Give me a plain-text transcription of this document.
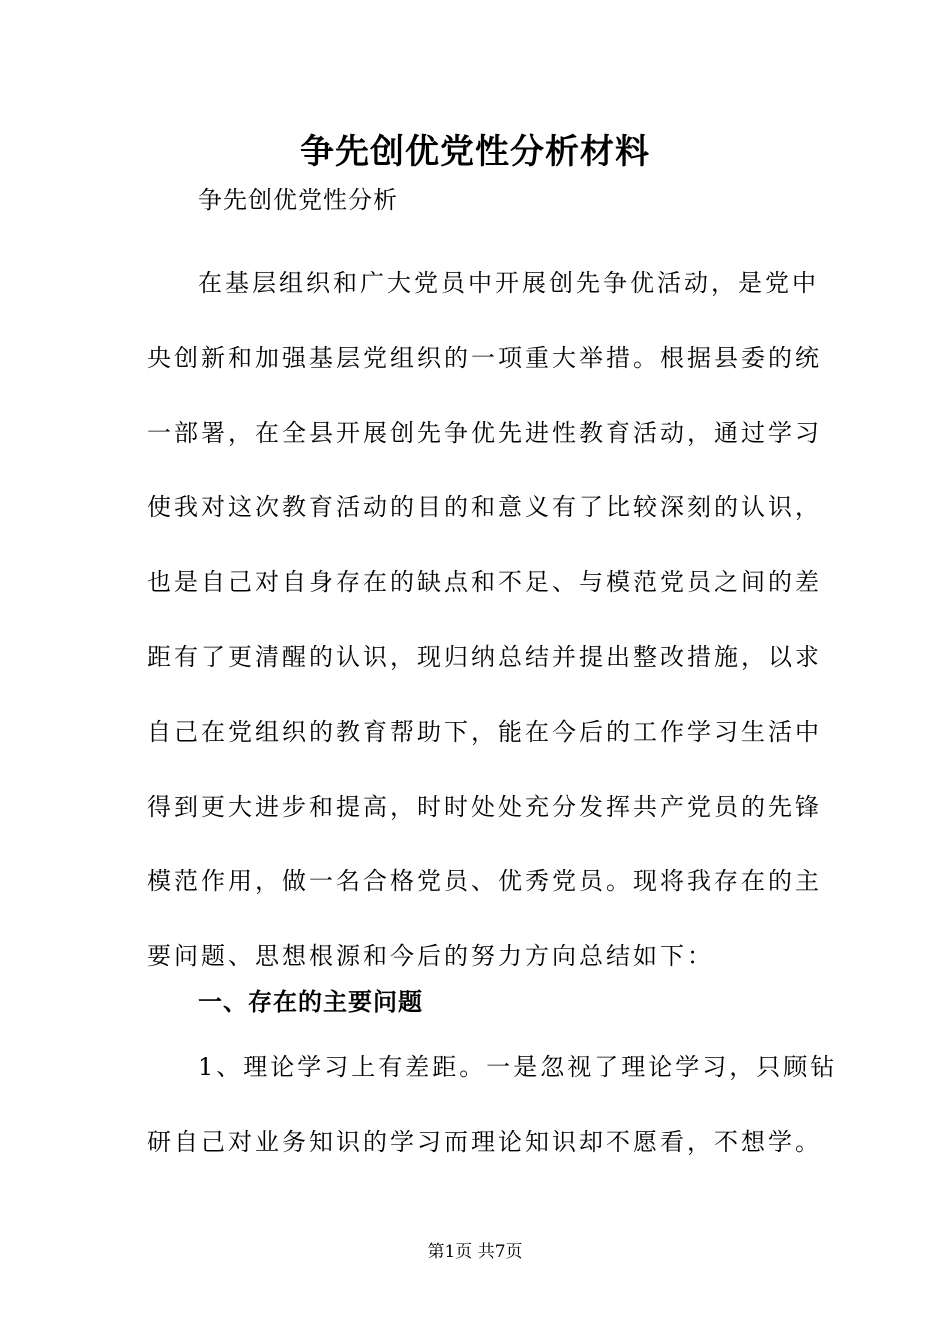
争先创优党性分析材料
争先创优党性分析
在基层组织和广大党员中开展创先争优活动，是党中
央创新和加强基层党组织的一项重大举措。根据县委的统
一部署，在全县开展创先争优先进性教育活动，通过学习
使我对这次教育活动的目的和意义有了比较深刻的认识，
也是自己对自身存在的缺点和不足、与模范党员之间的差
距有了更清醒的认识，现归纳总结并提出整改措施，以求
自己在党组织的教育帮助下，能在今后的工作学习生活中
得到更大进步和提高，时时处处充分发挥共产党员的先锋
模范作用，做一名合格党员、优秀党员。现将我存在的主
要问题、思想根源和今后的努力方向总结如下：
一、存在的主要问题
1、理论学习上有差距。一是忽视了理论学习，只顾钻
研自己对业务知识的学习而理论知识却不愿看，不想学。
第1页 共7页
